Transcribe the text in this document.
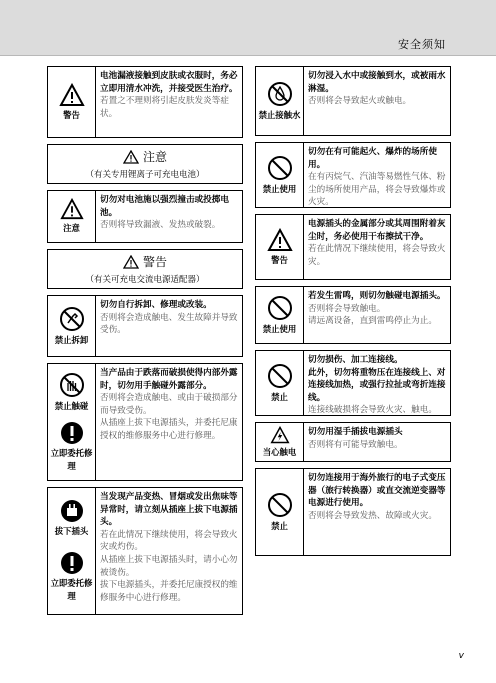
安全须知
警告

电池漏液接触到皮肤或衣服时，务必立即用清水冲洗，并接受医生治疗。

若置之不理则将引起皮肤发炎等症状。

注意
（有关专用锂离子可充电电池）
注意

切勿对电池施以强烈撞击或投掷电池。

否则将导致漏液、发热或破裂。

警告
（有关可充电交流电源适配器）
禁止拆卸

切勿自行拆卸、修理或改装。

否则将会造成触电、发生故障并导致受伤。

禁止触碰
立即委托修理

当产品由于跌落而破损使得内部外露时，切勿用手触碰外露部分。

否则将会造成触电、或由于破损部分而导致受伤。

从插座上拔下电源插头，并委托尼康授权的维修服务中心进行修理。

拔下插头
立即委托修理

当发现产品变热、冒烟或发出焦味等异常时，请立刻从插座上拔下电源插头。

若在此情况下继续使用，将会导致火灾或灼伤。

从插座上拔下电源插头时，请小心勿被烫伤。

拔下电源插头，并委托尼康授权的维修服务中心进行修理。

禁止接触水

切勿浸入水中或接触到水，或被雨水淋湿。

否则将会导致起火或触电。

禁止使用

切勿在有可能起火、爆炸的场所使用。

在有丙烷气、汽油等易燃性气体、粉尘的场所使用产品，将会导致爆炸或火灾。

警告

电源插头的金属部分或其周围附着灰尘时，务必使用干布擦拭干净。

若在此情况下继续使用，将会导致火灾。

禁止使用

若发生雷鸣，则切勿触碰电源插头。

否则将会导致触电。

请远离设备，直到雷鸣停止为止。

禁止

切勿损伤、加工连接线。

此外，切勿将重物压在连接线上、对连接线加热，或强行拉扯或弯折连接线。

连接线破损将会导致火灾、触电。

当心触电

切勿用湿手插拔电源插头

否则将有可能导致触电。

禁止

切勿连接用于海外旅行的电子式变压器（旅行转换器）或直交流逆变器等电源进行使用。

否则将会导致发热、故障或火灾。

v
